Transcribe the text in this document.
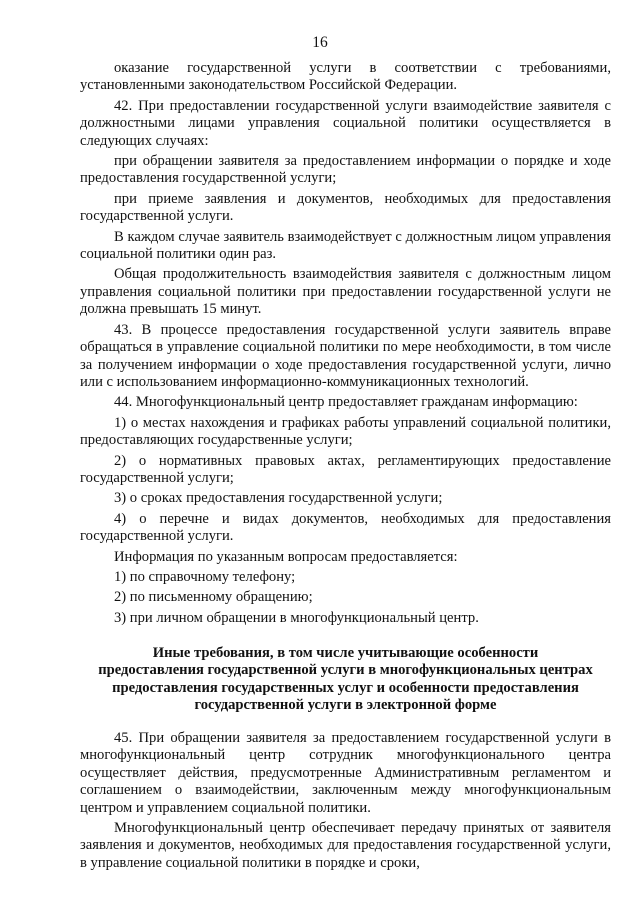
16

оказание государственной услуги в соответствии с требованиями, установленными законодательством Российской Федерации.

42. При предоставлении государственной услуги взаимодействие заявителя с должностными лицами управления социальной политики осуществляется в следующих случаях:

при обращении заявителя за предоставлением информации о порядке и ходе предоставления государственной услуги;

при приеме заявления и документов, необходимых для предоставления государственной услуги.

В каждом случае заявитель взаимодействует с должностным лицом управления социальной политики один раз.

Общая продолжительность взаимодействия заявителя с должностным лицом управления социальной политики при предоставлении государственной услуги не должна превышать 15 минут.

43. В процессе предоставления государственной услуги заявитель вправе обращаться в управление социальной политики по мере необходимости, в том числе за получением информации о ходе предоставления государственной услуги, лично или с использованием информационно-коммуникационных технологий.

44. Многофункциональный центр предоставляет гражданам информацию:

1) о местах нахождения и графиках работы управлений социальной политики, предоставляющих государственные услуги;

2) о нормативных правовых актах, регламентирующих предоставление государственной услуги;

3) о сроках предоставления государственной услуги;

4) о перечне и видах документов, необходимых для предоставления государственной услуги.

Информация по указанным вопросам предоставляется:

1) по справочному телефону;

2) по письменному обращению;

3) при личном обращении в многофункциональный центр.

Иные требования, в том числе учитывающие особенности
предоставления государственной услуги в многофункциональных центрах
предоставления государственных услуг и особенности предоставления
государственной услуги в электронной форме

45. При обращении заявителя за предоставлением государственной услуги в многофункциональный центр сотрудник многофункционального центра осуществляет действия, предусмотренные Административным регламентом и соглашением о взаимодействии, заключенным между многофункциональным центром и управлением социальной политики.

Многофункциональный центр обеспечивает передачу принятых от заявителя заявления и документов, необходимых для предоставления государственной услуги, в управление социальной политики в порядке и сроки,
